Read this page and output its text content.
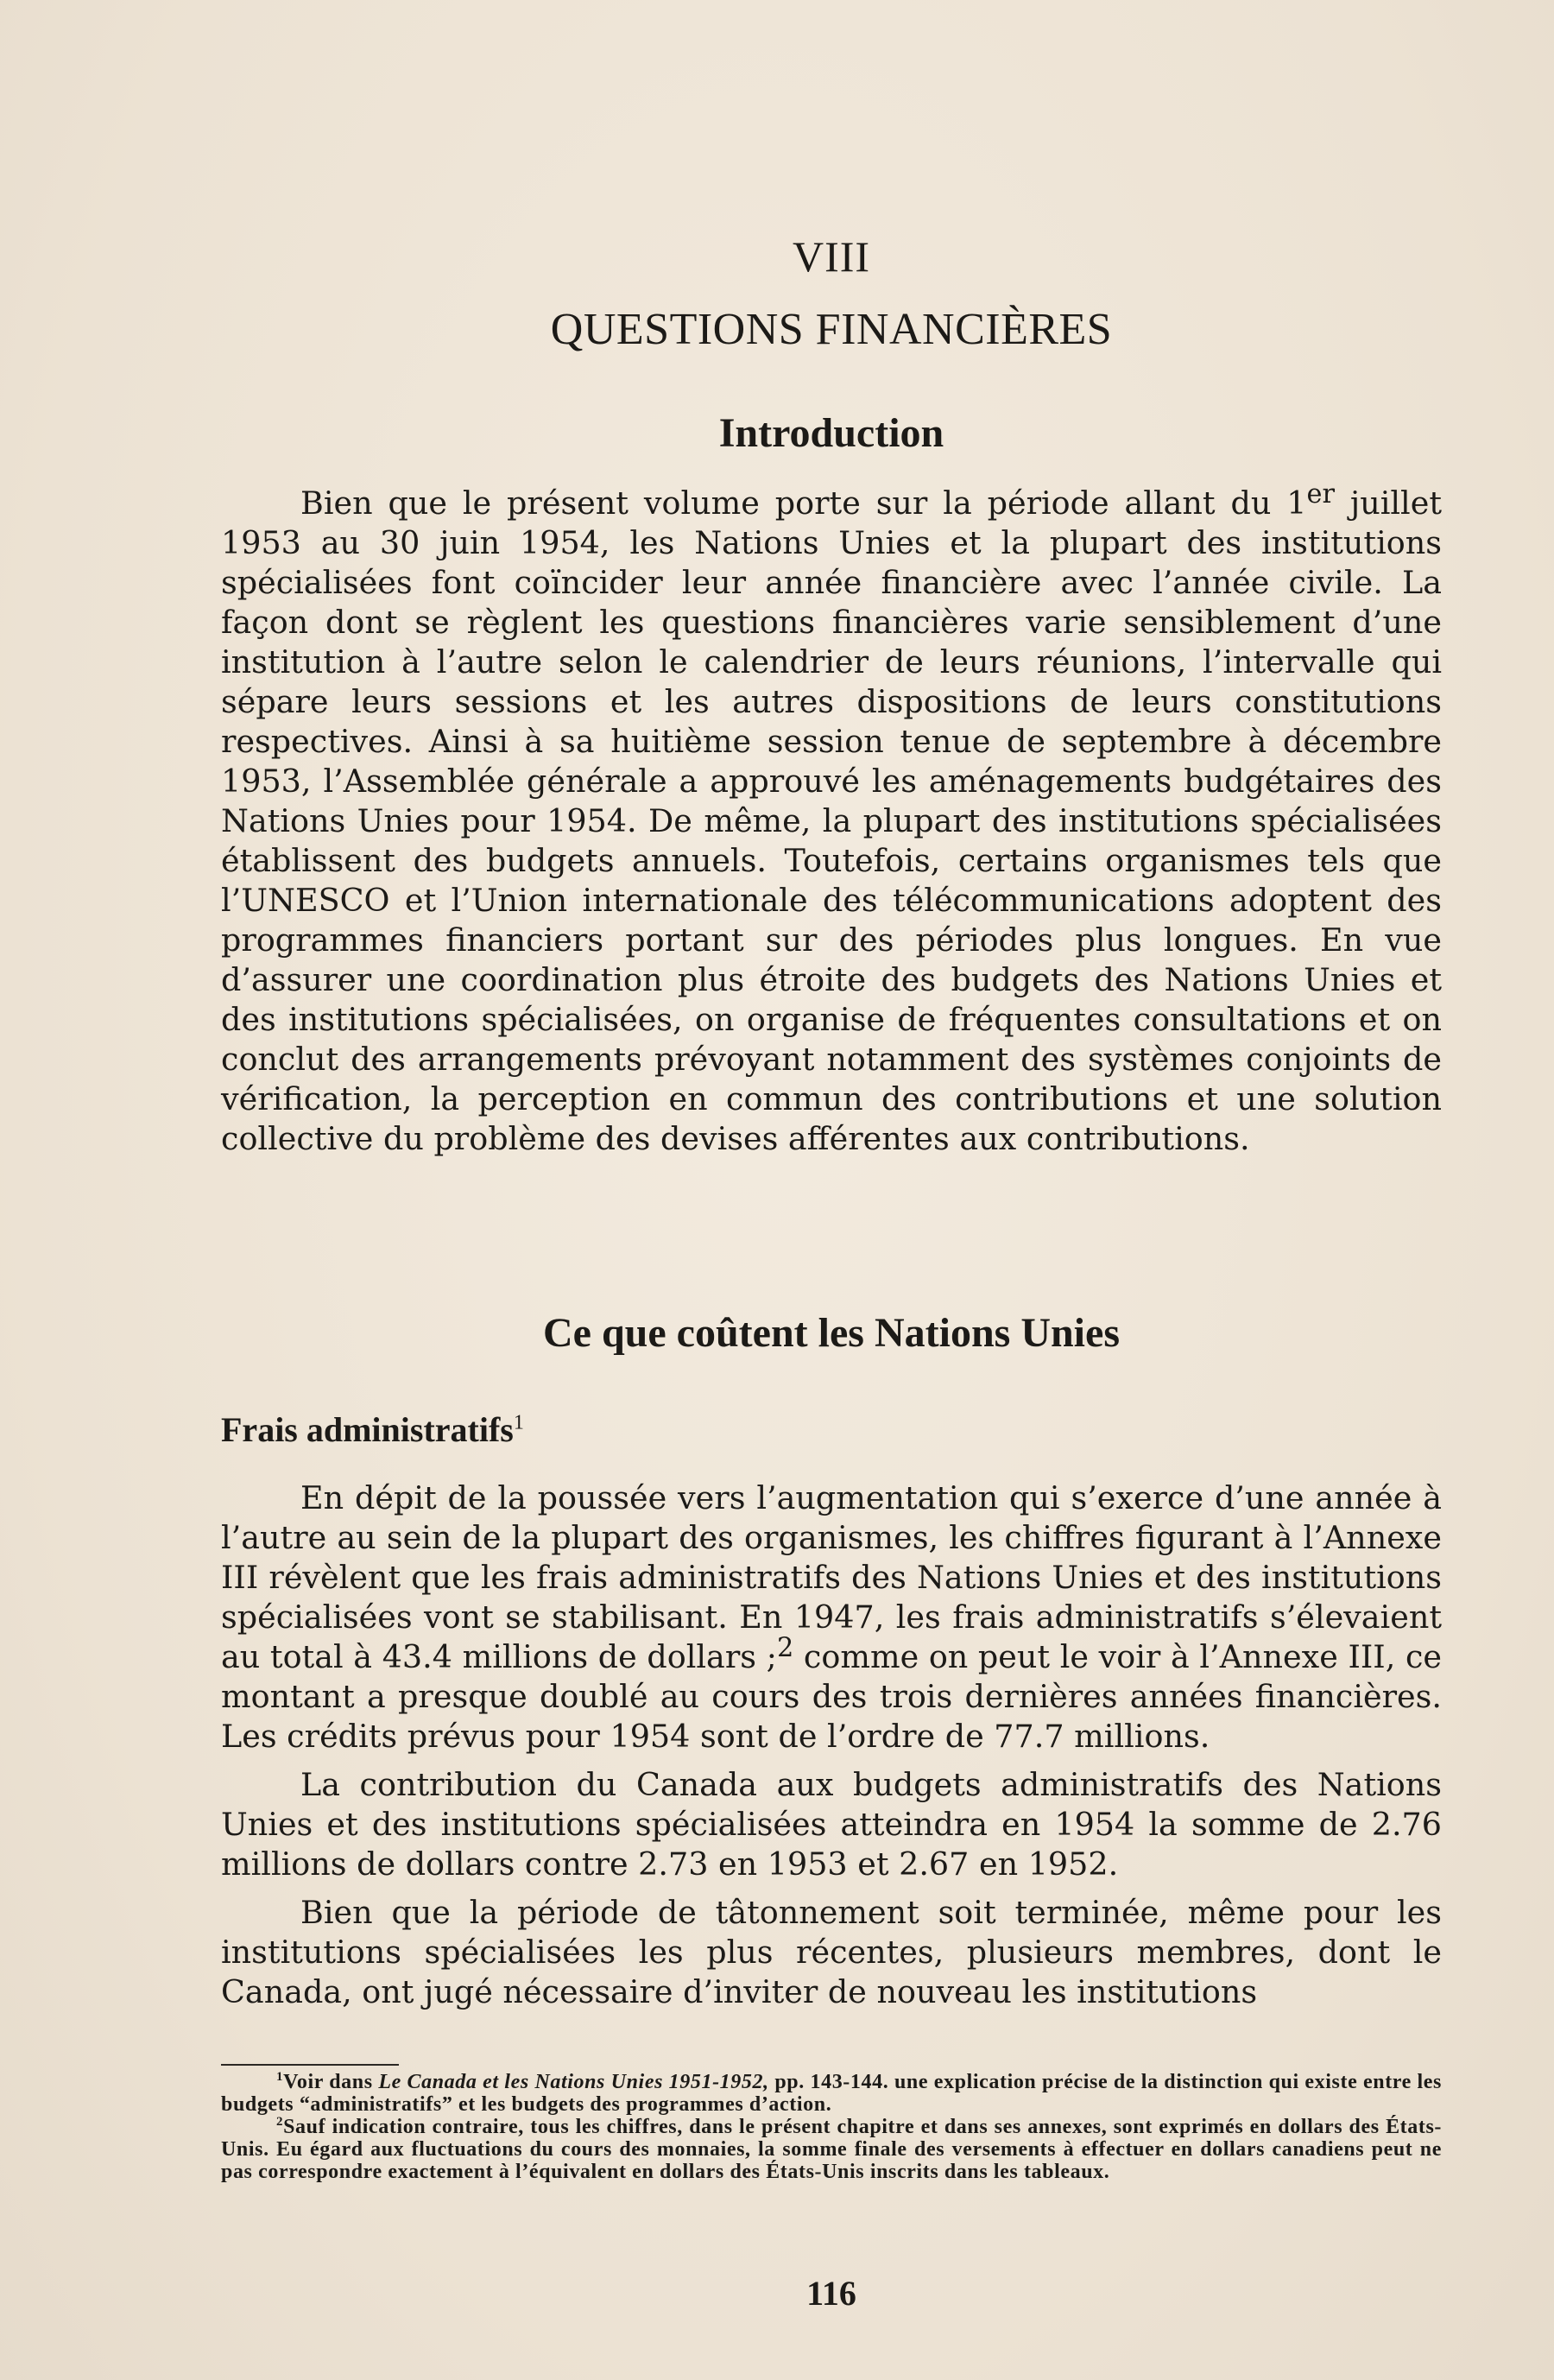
VIII
QUESTIONS FINANCIÈRES
Introduction

Bien que le présent volume porte sur la période allant du 1er juillet 1953 au 30 juin 1954, les Nations Unies et la plupart des institutions spécialisées font coïncider leur année financière avec l’année civile. La façon dont se règlent les questions financières varie sensiblement d’une institution à l’autre selon le calendrier de leurs réunions, l’intervalle qui sépare leurs sessions et les autres dispositions de leurs constitutions respectives. Ainsi à sa huitième session tenue de septembre à décembre 1953, l’Assemblée générale a approuvé les aménagements budgétaires des Nations Unies pour 1954. De même, la plupart des institutions spécialisées établissent des budgets annuels. Toutefois, certains organismes tels que l’UNESCO et l’Union internationale des télécommunications adoptent des programmes financiers portant sur des périodes plus longues. En vue d’assurer une coordination plus étroite des budgets des Nations Unies et des institutions spécialisées, on organise de fréquentes consultations et on conclut des arrangements prévoyant notamment des systèmes conjoints de vérification, la perception en commun des contributions et une solution collective du problème des devises afférentes aux contributions.

Ce que coûtent les Nations Unies
Frais administratifs$^1$

En dépit de la poussée vers l’augmentation qui s’exerce d’une année à l’autre au sein de la plupart des organismes, les chiffres figurant à l’Annexe III révèlent que les frais administratifs des Nations Unies et des institutions spécialisées vont se stabilisant. En 1947, les frais administratifs s’élevaient au total à 43.4 millions de dollars ;$^2$ comme on peut le voir à l’Annexe III, ce montant a presque doublé au cours des trois dernières années financières. Les crédits prévus pour 1954 sont de l’ordre de 77.7 millions.

La contribution du Canada aux budgets administratifs des Nations Unies et des institutions spécialisées atteindra en 1954 la somme de 2.76 millions de dollars contre 2.73 en 1953 et 2.67 en 1952.

Bien que la période de tâtonnement soit terminée, même pour les institutions spécialisées les plus récentes, plusieurs membres, dont le Canada, ont jugé nécessaire d’inviter de nouveau les institutions

$^1$Voir dans Le Canada et les Nations Unies 1951-1952, pp. 143-144. une explication précise de la distinction qui existe entre les budgets “administratifs” et les budgets des programmes d’action.

$^2$Sauf indication contraire, tous les chiffres, dans le présent chapitre et dans ses annexes, sont exprimés en dollars des États-Unis. Eu égard aux fluctuations du cours des monnaies, la somme finale des versements à effectuer en dollars canadiens peut ne pas correspondre exactement à l’équivalent en dollars des États-Unis inscrits dans les tableaux.

116
